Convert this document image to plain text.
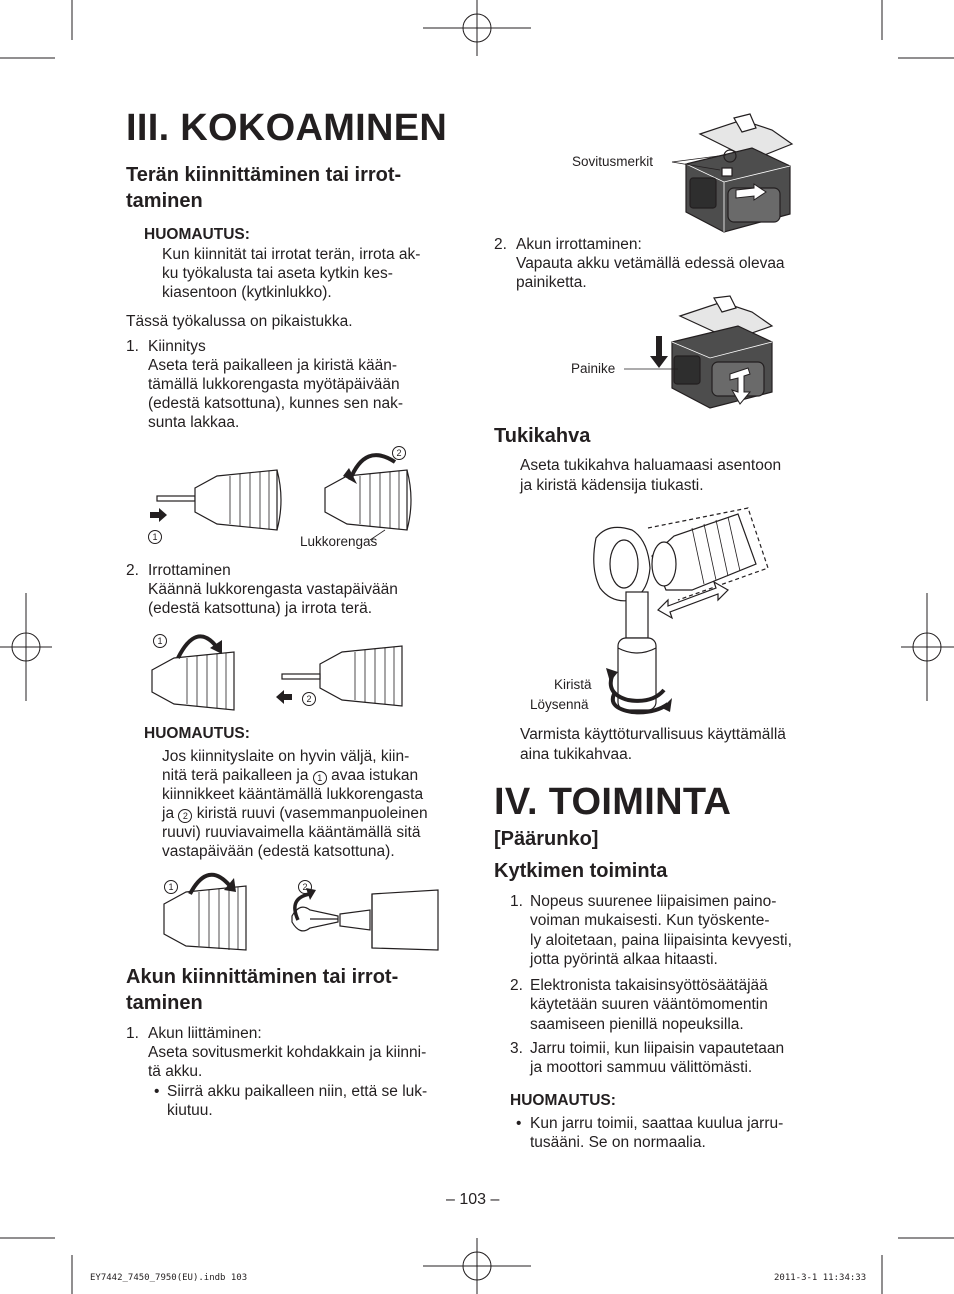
III. KOKOAMINEN
Terän kiinnittäminen tai irrot-
taminen
HUOMAUTUS:
Kun kiinnität tai irrotat terän, irrota ak-
ku työkalusta tai aseta kytkin kes-
kiasentoon (kytkinlukko).
Tässä työkalussa on pikaistukka.
1. Kiinnitys
Aseta terä paikalleen ja kiristä kään-
tämällä lukkorengasta myötäpäivään
(edestä katsottuna), kunnes sen nak-
sunta lakkaa.
1
2
Lukkorengas
2. Irrottaminen
Käännä lukkorengasta vastapäivään
(edestä katsottuna) ja irrota terä.
1
2
HUOMAUTUS:
Jos kiinnityslaite on hyvin väljä, kiin-
nitä terä paikalleen ja 1 avaa istukan
kiinnikkeet kääntämällä lukkorengasta
ja 2 kiristä ruuvi (vasemmanpuoleinen
ruuvi) ruuviavaimella kääntämällä sitä
vastapäivään (edestä katsottuna).
1	2
Akun kiinnittäminen tai irrot-
taminen
1. Akun liittäminen:
Aseta sovitusmerkit kohdakkain ja kiinni-
tä akku.
• Siirrä akku paikalleen niin, että se luk-
kiutuu.
Sovitusmerkit
2. Akun irrottaminen:
Vapauta akku vetämällä edessä olevaa
painiketta.
Painike
Tukikahva
Aseta tukikahva haluamaasi asentoon
ja kiristä kädensija tiukasti.
Kiristä
Löysennä
Varmista käyttöturvallisuus käyttämällä
aina tukikahvaa.
IV. TOIMINTA
[Päärunko]
Kytkimen toiminta
1. Nopeus suurenee liipaisimen paino-
voiman mukaisesti. Kun työskente-
ly aloitetaan, paina liipaisinta kevyesti,
jotta pyörintä alkaa hitaasti.
2. Elektronista takaisinsyöttösäätäjää
käytetään suuren vääntömomentin
saamiseen pienillä nopeuksilla.
3. Jarru toimii, kun liipaisin vapautetaan
ja moottori sammuu välittömästi.
HUOMAUTUS:
• Kun jarru toimii, saattaa kuulua jarru-
tusääni. Se on normaalia.
– 103 –
EY7442_7450_7950(EU).indb 103	2011-3-1 11:34:33
